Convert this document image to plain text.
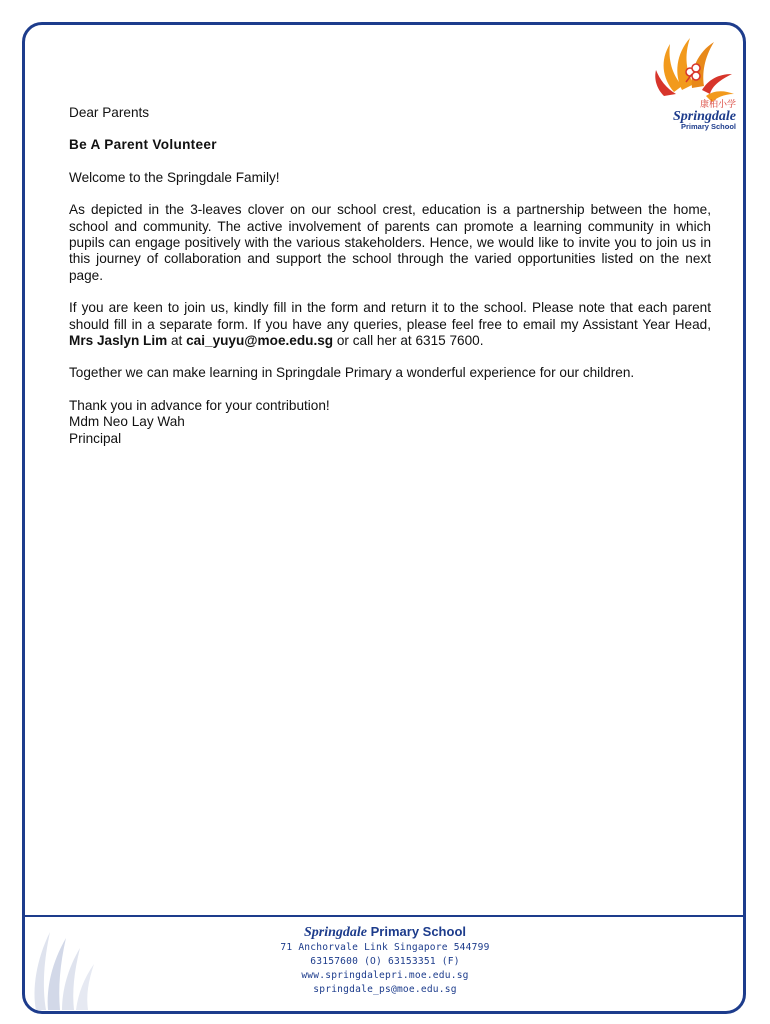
康柏小学
Springdale
Primary School

Dear Parents

Be A Parent Volunteer

Welcome to the Springdale Family!

As depicted in the 3-leaves clover on our school crest, education is a partnership between the home, school and community. The active involvement of parents can promote a learning community in which pupils can engage positively with the various stakeholders. Hence, we would like to invite you to join us in this journey of collaboration and support the school through the varied opportunities listed on the next page.

If you are keen to join us, kindly fill in the form and return it to the school. Please note that each parent should fill in a separate form. If you have any queries, please feel free to email my Assistant Year Head, Mrs Jaslyn Lim at cai_yuyu@moe.edu.sg or call her at 6315 7600.

Together we can make learning in Springdale Primary a wonderful experience for our children.

Thank you in advance for your contribution!

Mdm Neo Lay Wah

Principal

Springdale Primary School
71 Anchorvale Link Singapore 544799
63157600 (O) 63153351 (F)
www.springdalepri.moe.edu.sg
springdale_ps@moe.edu.sg
